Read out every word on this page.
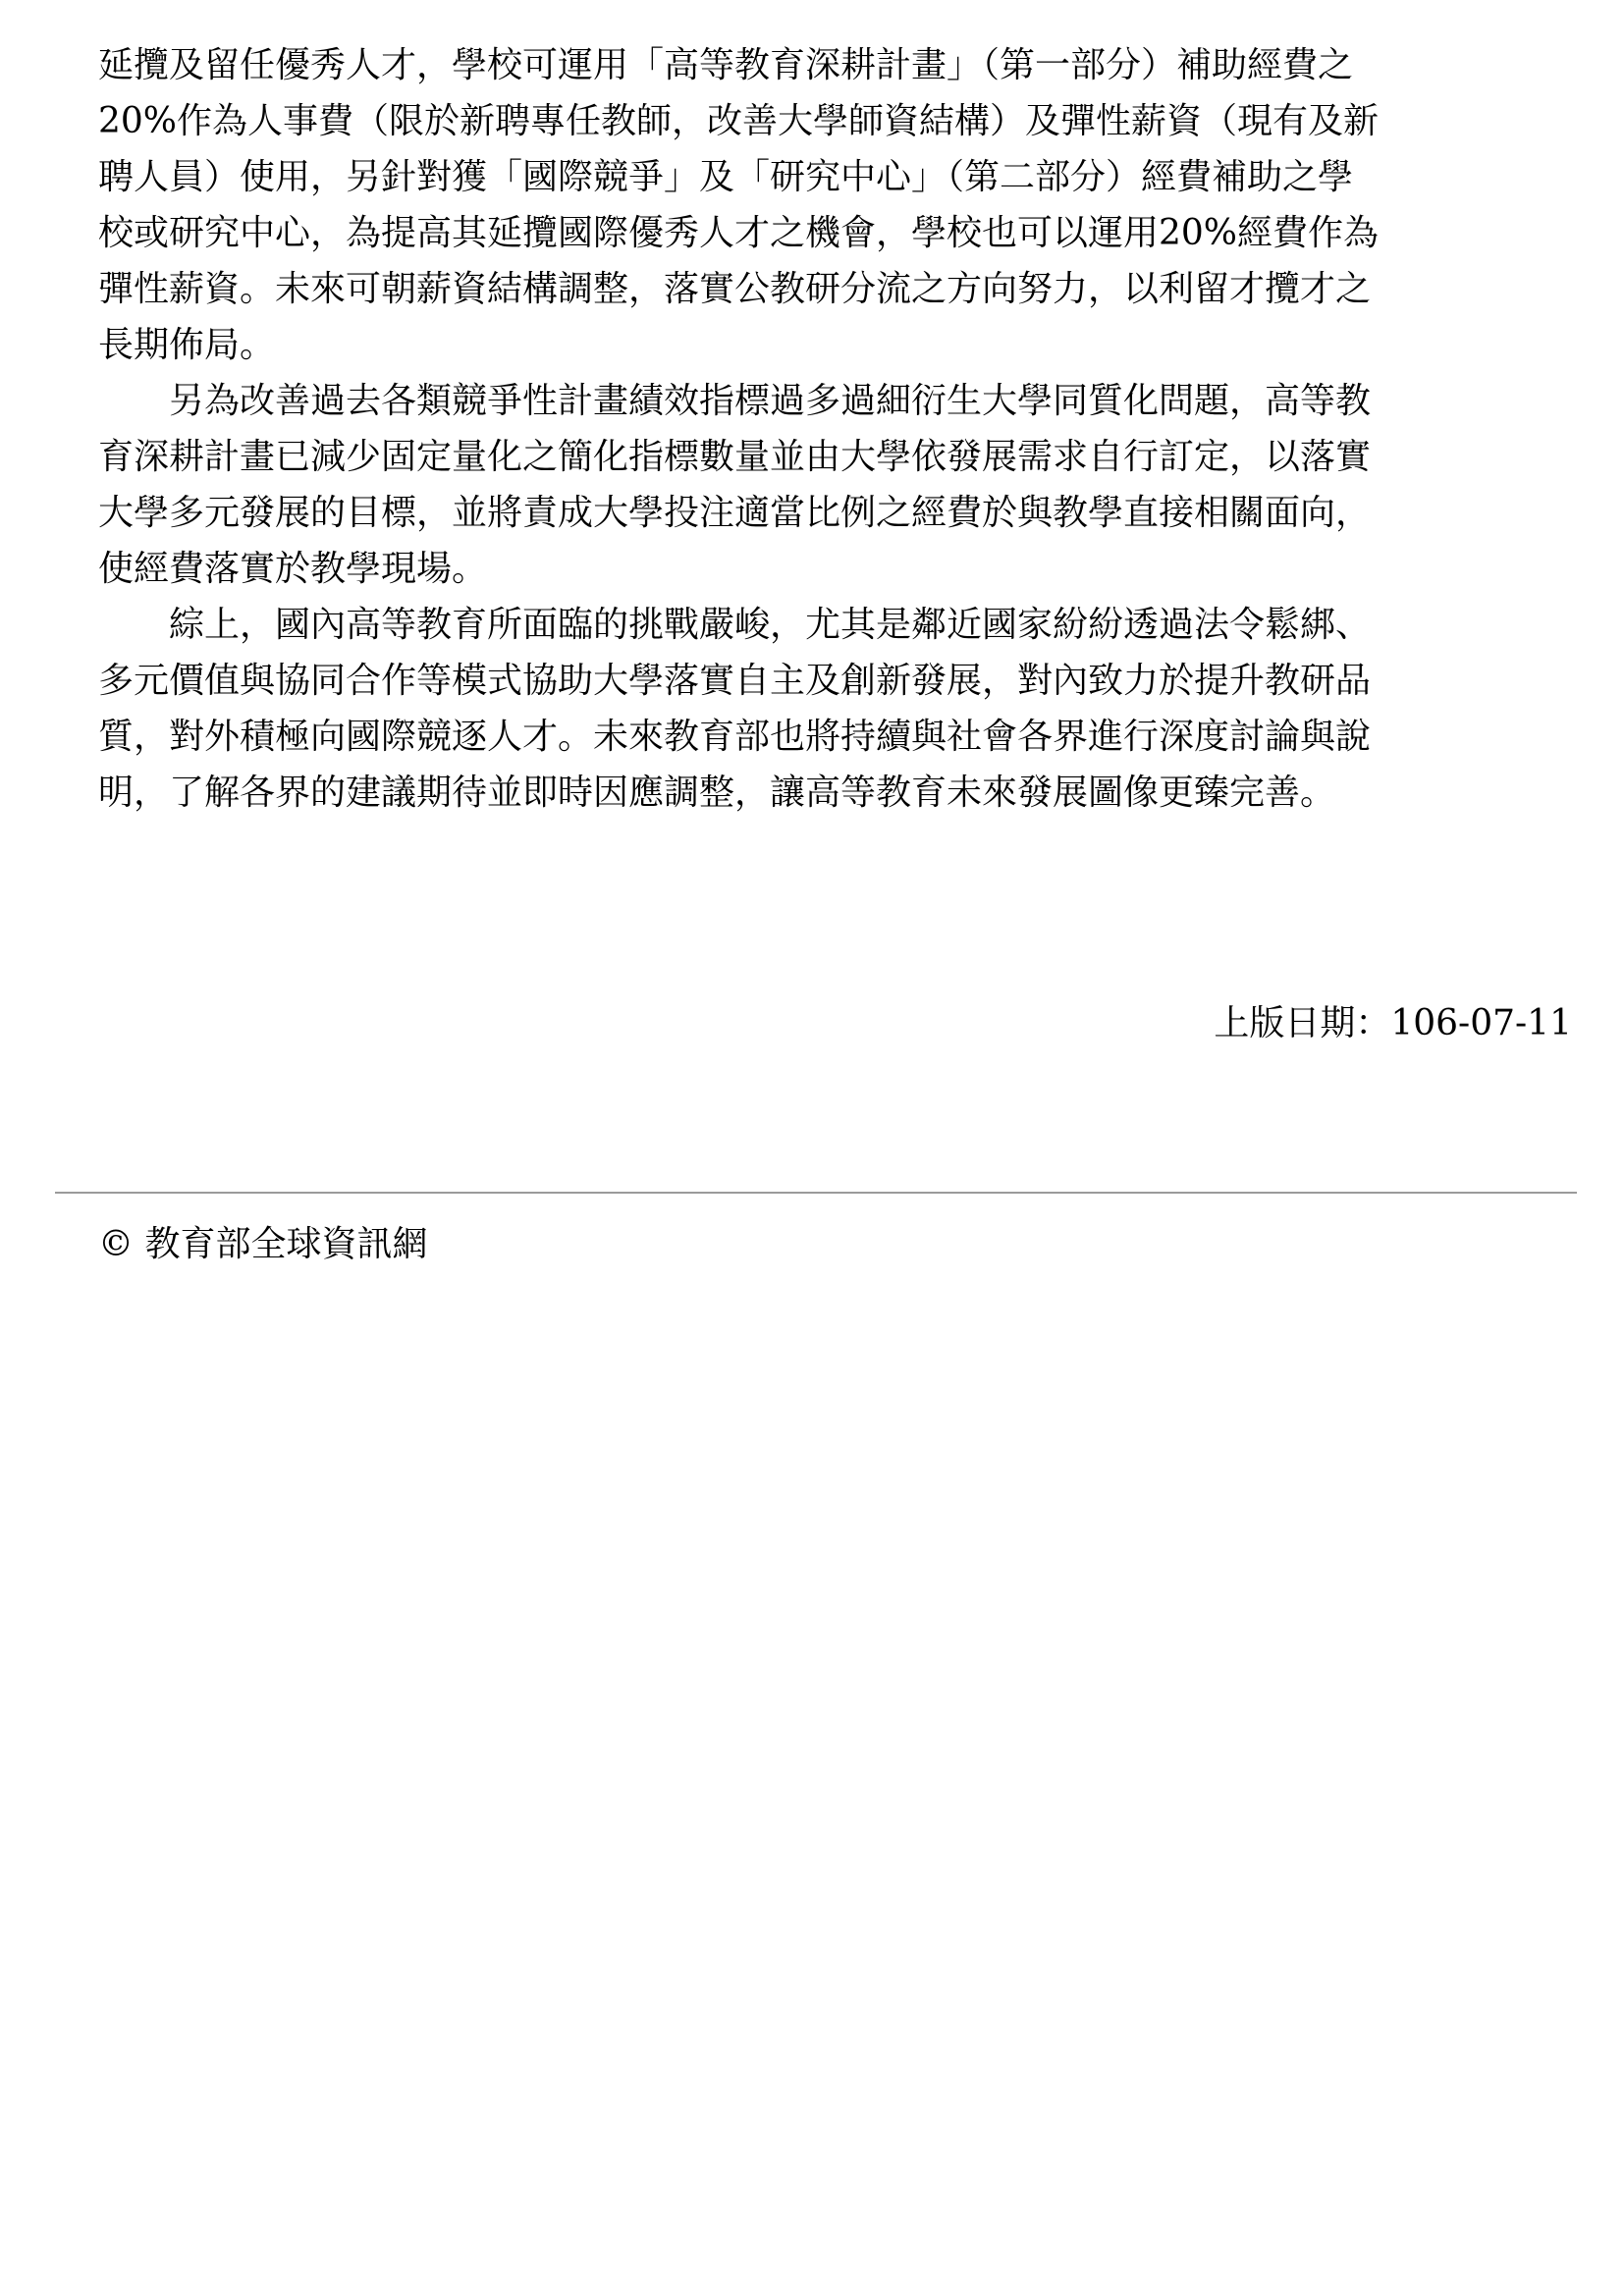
延攬及留任優秀人才，學校可運用「高等教育深耕計畫」（第一部分）補助經費之
20%作為人事費（限於新聘專任教師，改善大學師資結構）及彈性薪資（現有及新
聘人員）使用，另針對獲「國際競爭」及「研究中心」（第二部分）經費補助之學
校或研究中心，為提高其延攬國際優秀人才之機會，學校也可以運用20%經費作為
彈性薪資。未來可朝薪資結構調整，落實公教研分流之方向努力，以利留才攬才之
長期佈局。
另為改善過去各類競爭性計畫績效指標過多過細衍生大學同質化問題，高等教
育深耕計畫已減少固定量化之簡化指標數量並由大學依發展需求自行訂定，以落實
大學多元發展的目標，並將責成大學投注適當比例之經費於與教學直接相關面向，
使經費落實於教學現場。
綜上，國內高等教育所面臨的挑戰嚴峻，尤其是鄰近國家紛紛透過法令鬆綁、
多元價值與協同合作等模式協助大學落實自主及創新發展，對內致力於提升教研品
質，對外積極向國際競逐人才。未來教育部也將持續與社會各界進行深度討論與說
明，了解各界的建議期待並即時因應調整，讓高等教育未來發展圖像更臻完善。
上版日期：106-07-11
© 教育部全球資訊網
